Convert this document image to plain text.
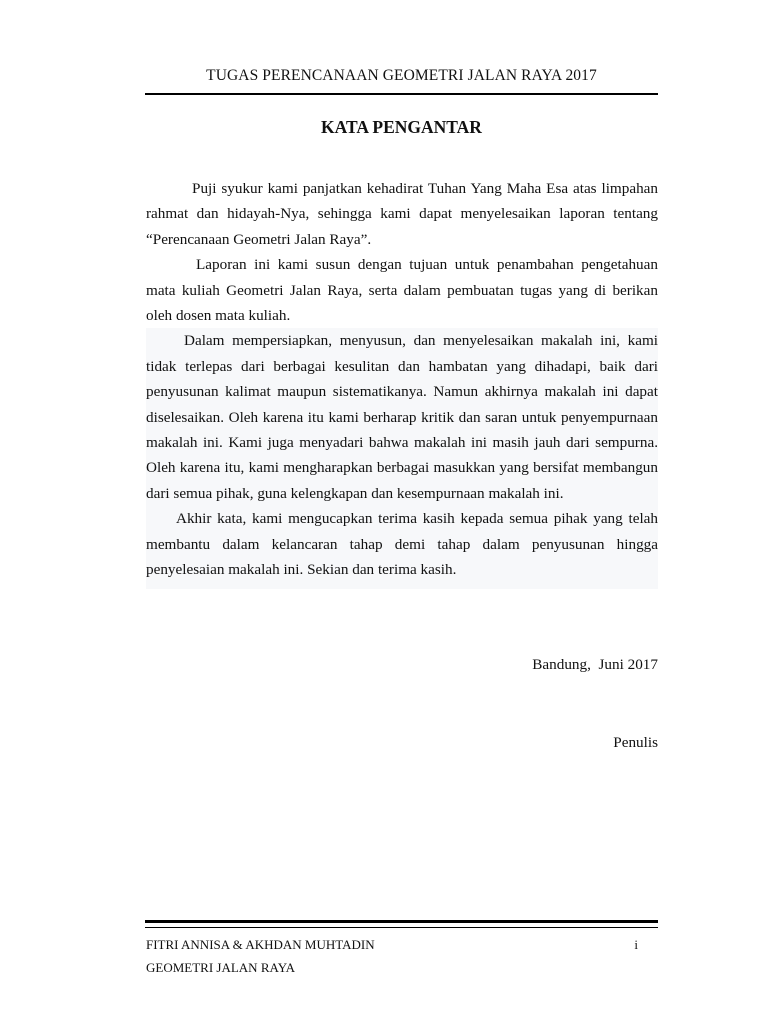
TUGAS PERENCANAAN GEOMETRI JALAN RAYA 2017
KATA PENGANTAR

Puji syukur kami panjatkan kehadirat Tuhan Yang Maha Esa atas limpahan rahmat dan hidayah-Nya, sehingga kami dapat menyelesaikan laporan tentang “Perencanaan Geometri Jalan Raya”.

Laporan ini kami susun dengan tujuan untuk penambahan pengetahuan mata kuliah Geometri Jalan Raya, serta dalam pembuatan tugas yang di berikan oleh dosen mata kuliah.

Dalam mempersiapkan, menyusun, dan menyelesaikan makalah ini, kami tidak terlepas dari berbagai kesulitan dan hambatan yang dihadapi, baik dari penyusunan kalimat maupun sistematikanya. Namun akhirnya makalah ini dapat diselesaikan. Oleh karena itu kami berharap kritik dan saran untuk penyempurnaan makalah ini. Kami juga menyadari bahwa makalah ini masih jauh dari sempurna. Oleh karena itu, kami mengharapkan berbagai masukkan yang bersifat membangun dari semua pihak, guna kelengkapan dan kesempurnaan makalah ini.

Akhir kata, kami mengucapkan terima kasih kepada semua pihak yang telah membantu dalam kelancaran tahap demi tahap dalam penyusunan hingga penyelesaian makalah ini. Sekian dan terima kasih.

Bandung,  Juni 2017
Penulis
FITRI ANNISA & AKHDAN MUHTADIN	i
GEOMETRI JALAN RAYA
